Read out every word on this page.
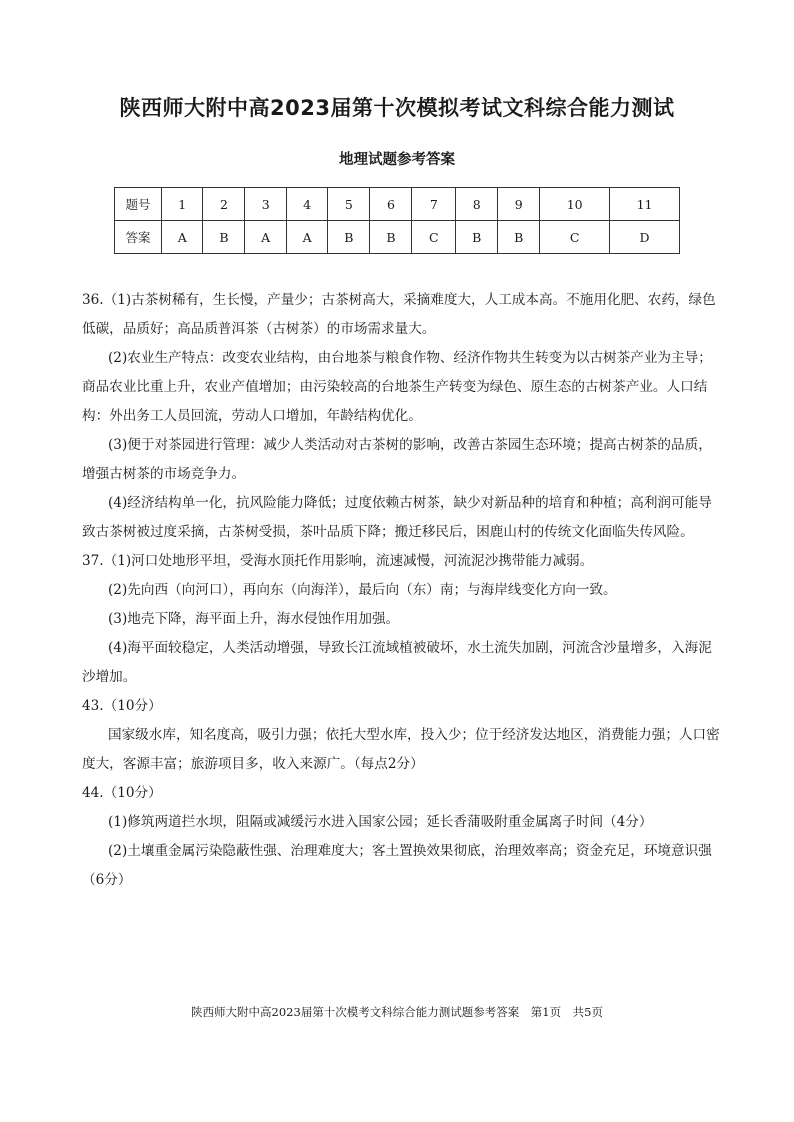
陕西师大附中高2023届第十次模拟考试文科综合能力测试
地理试题参考答案
题号	1	2	3	4	5	6	7	8	9	10	11
答案	A	B	A	A	B	B	C	B	B	C	D

36.（1)古茶树稀有，生长慢，产量少；古茶树高大，采摘难度大，人工成本高。不施用化肥、农药，绿色低碳，品质好；高品质普洱茶（古树茶）的市场需求量大。

(2)农业生产特点：改变农业结构，由台地茶与粮食作物、经济作物共生转变为以古树茶产业为主导；商品农业比重上升，农业产值增加；由污染较高的台地茶生产转变为绿色、原生态的古树茶产业。人口结构：外出务工人员回流，劳动人口增加，年龄结构优化。

(3)便于对茶园进行管理：减少人类活动对古茶树的影响，改善古茶园生态环境；提高古树茶的品质，增强古树茶的市场竞争力。

(4)经济结构单一化，抗风险能力降低；过度依赖古树茶，缺少对新品种的培育和种植；高利润可能导致古茶树被过度采摘，古茶树受损，茶叶品质下降；搬迁移民后，困鹿山村的传统文化面临失传风险。

37.（1)河口处地形平坦，受海水顶托作用影响，流速减慢，河流泥沙携带能力减弱。

(2)先向西（向河口），再向东（向海洋），最后向（东）南；与海岸线变化方向一致。

(3)地壳下降，海平面上升，海水侵蚀作用加强。

(4)海平面较稳定，人类活动增强，导致长江流域植被破坏，水土流失加剧，河流含沙量增多，入海泥沙增加。

43.（10分）

国家级水库，知名度高，吸引力强；依托大型水库，投入少；位于经济发达地区，消费能力强；人口密度大，客源丰富；旅游项目多，收入来源广。（每点2分）

44.（10分）

(1)修筑两道拦水坝，阻隔或减缓污水进入国家公园；延长香蒲吸附重金属离子时间（4分）

(2)土壤重金属污染隐蔽性强、治理难度大；客土置换效果彻底，治理效率高；资金充足，环境意识强（6分）

陕西师大附中高2023届第十次模考文科综合能力测试题参考答案　第1页　共5页
